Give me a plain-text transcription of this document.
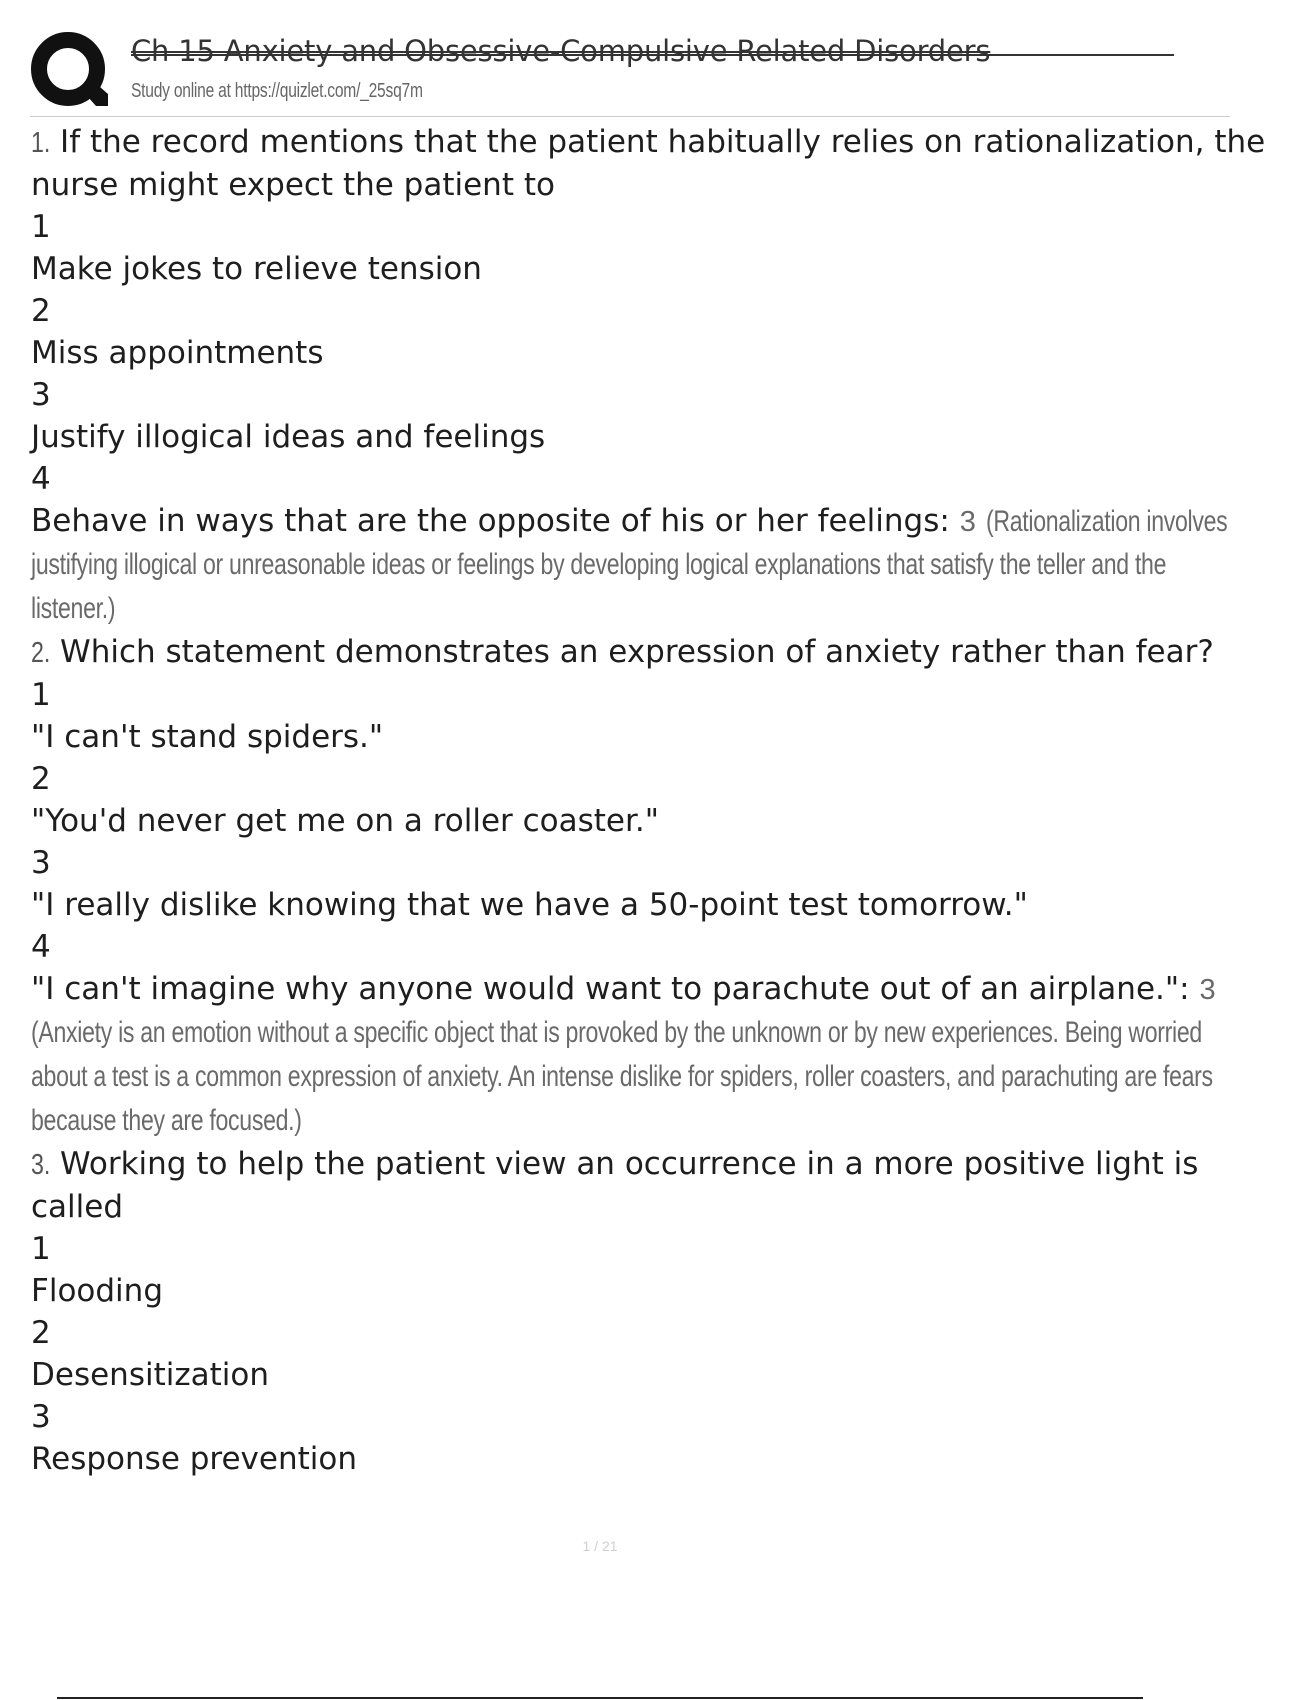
Ch 15 Anxiety and Obsessive-Compulsive Related Disorders
Study online at https://quizlet.com/_25sq7m
1. If the record mentions that the patient habitually relies on rationalization, the
nurse might expect the patient to
1
Make jokes to relieve tension
2
Miss appointments
3
Justify illogical ideas and feelings
4
Behave in ways that are the opposite of his or her feelings: 3 (Rationalization involves
justifying illogical or unreasonable ideas or feelings by developing logical explanations that satisfy the teller and the
listener.)
2. Which statement demonstrates an expression of anxiety rather than fear?
1
"I can't stand spiders."
2
"You'd never get me on a roller coaster."
3
"I really dislike knowing that we have a 50-point test tomorrow."
4
"I can't imagine why anyone would want to parachute out of an airplane.": 3
(Anxiety is an emotion without a specific object that is provoked by the unknown or by new experiences. Being worried
about a test is a common expression of anxiety. An intense dislike for spiders, roller coasters, and parachuting are fears
because they are focused.)
3. Working to help the patient view an occurrence in a more positive light is
called
1
Flooding
2
Desensitization
3
Response prevention
1 / 21
